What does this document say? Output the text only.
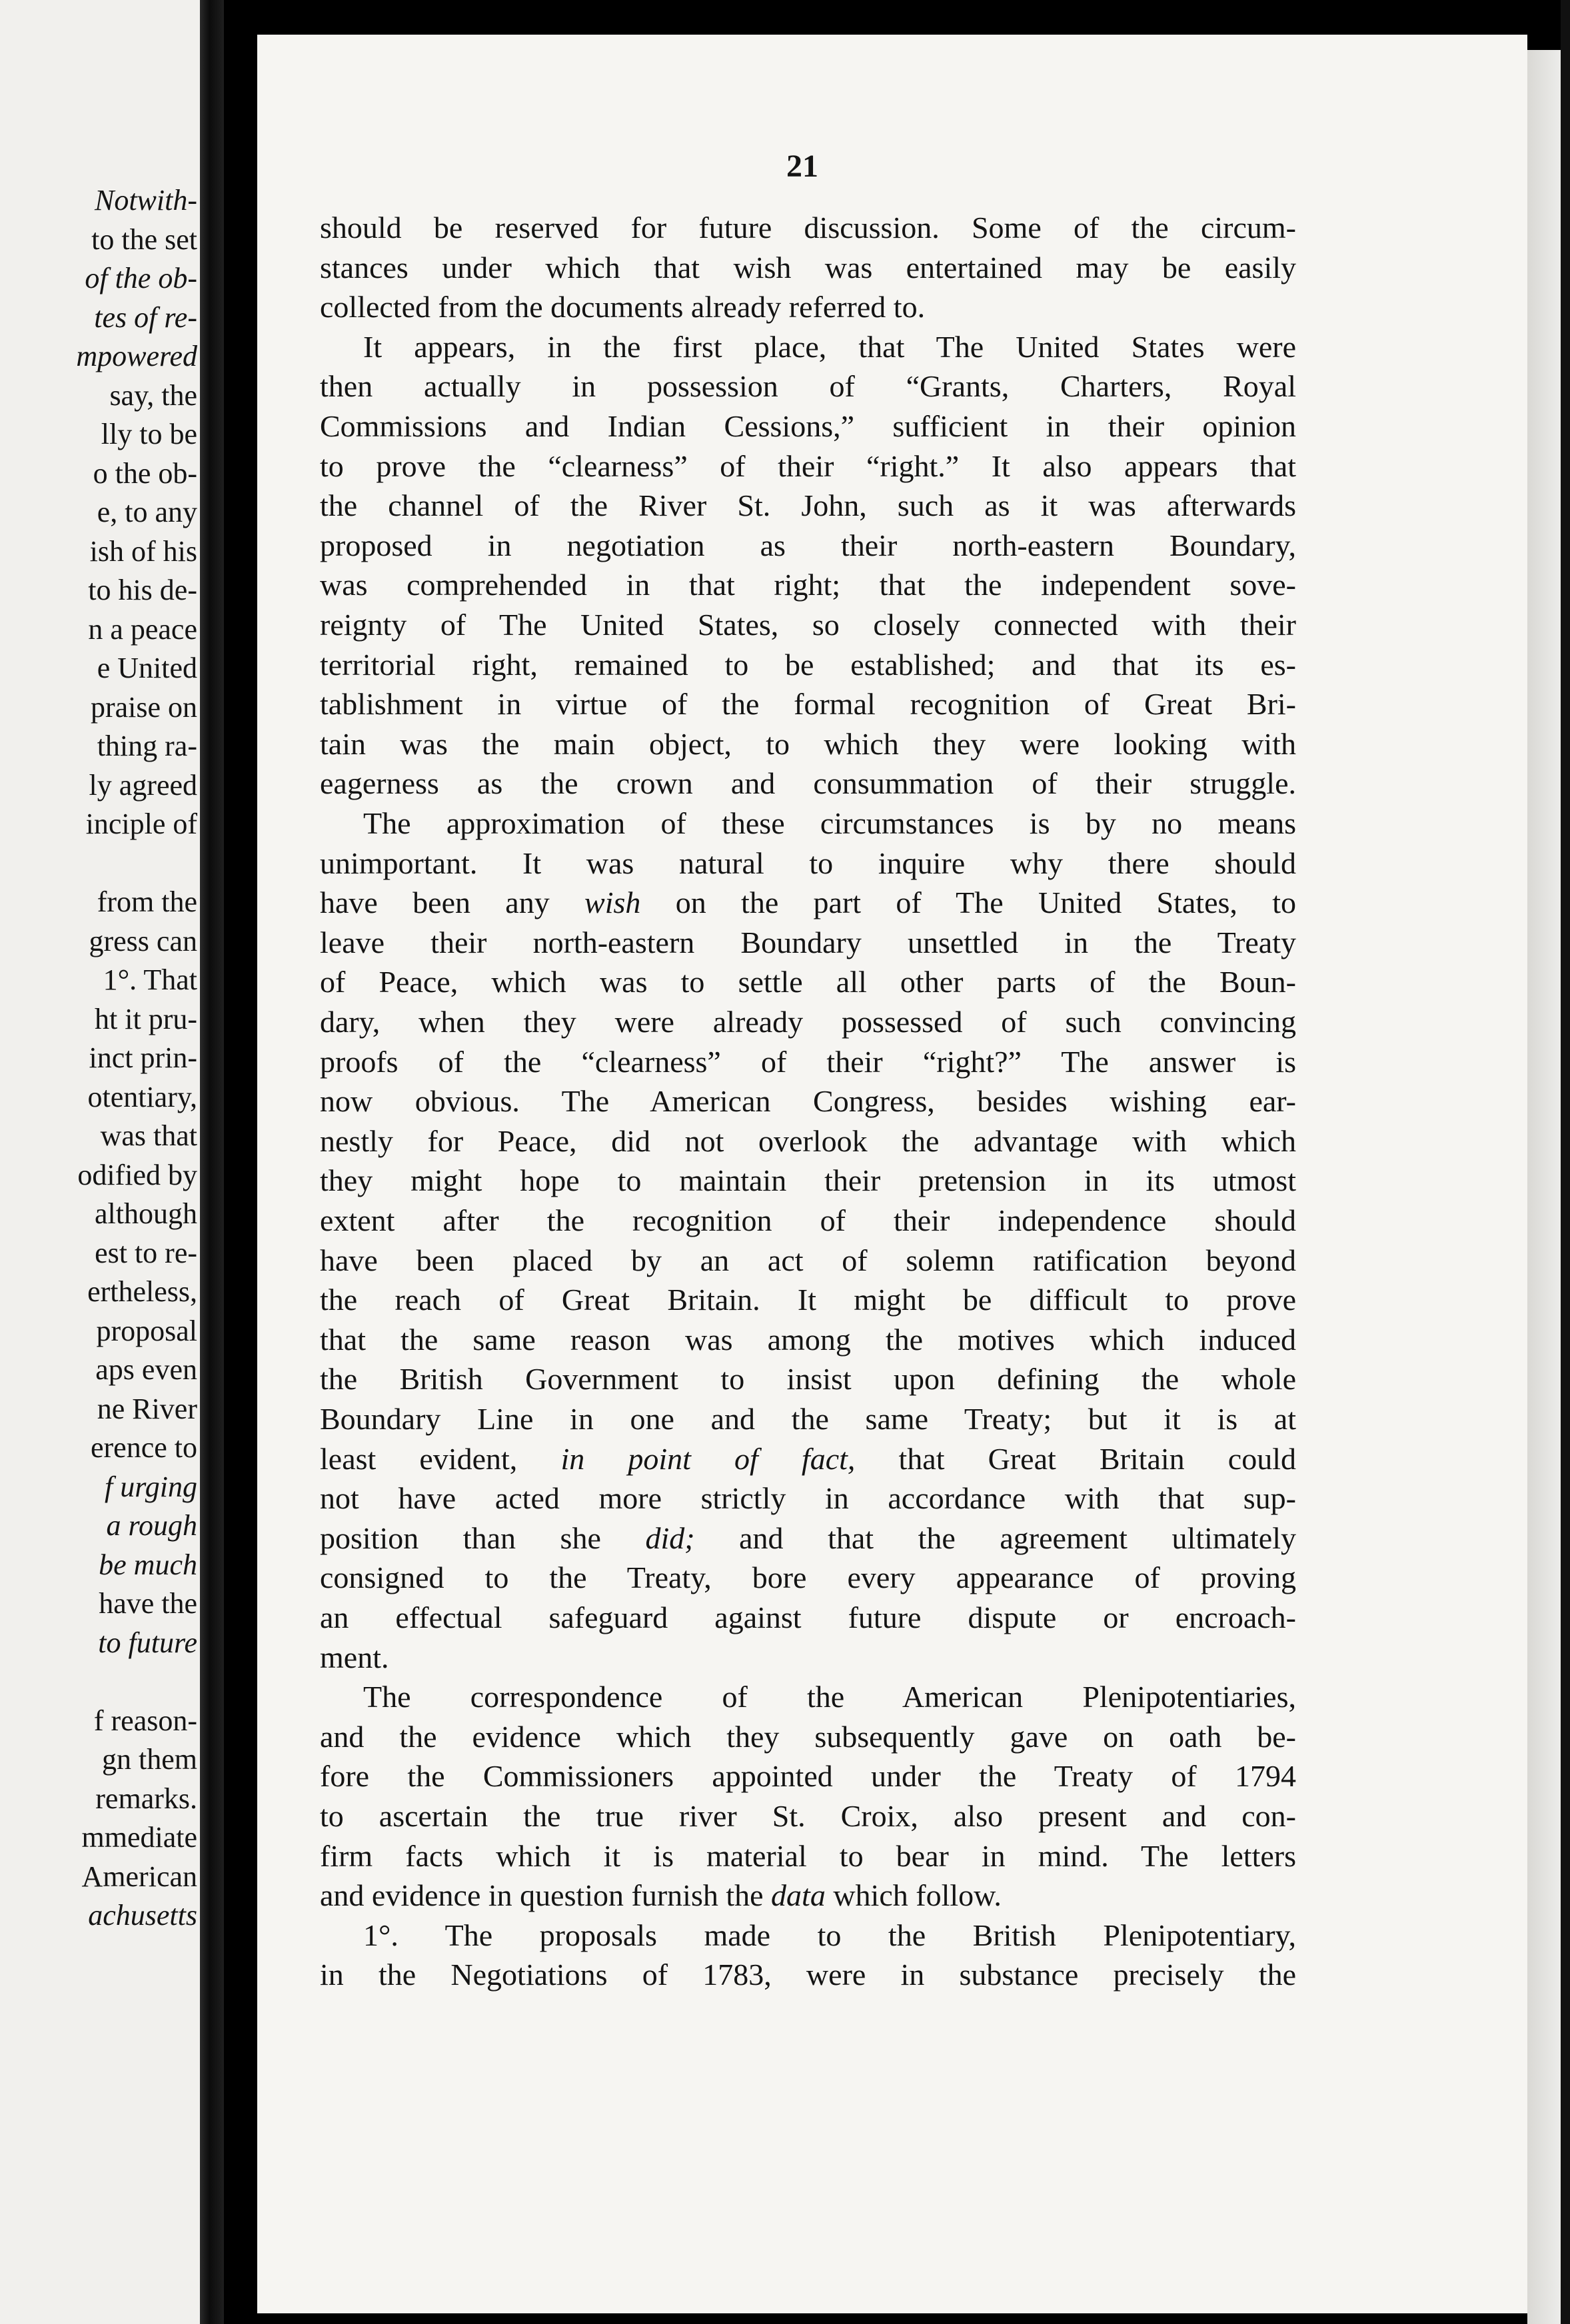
Notwith-
to the set
of the ob-
tes of re-
mpowered
say, the
lly to be
o the ob-
e, to any
ish of his
to his de-
n a peace
e United
praise on
thing ra-
ly agreed
inciple of
from the
gress can
1°. That
ht it pru-
inct prin-
otentiary,
was that
odified by
although
est to re-
ertheless,
proposal
aps even
ne River
erence to
f urging
a rough
be much
have the
to future
f reason-
gn them
remarks.
mmediate
American
achusetts
21
should be reserved for future discussion. Some of the circum-
stances under which that wish was entertained may be easily
collected from the documents already referred to.
It appears, in the first place, that The United States were
then actually in possession of “Grants, Charters, Royal
Commissions and Indian Cessions,” sufficient in their opinion
to prove the “clearness” of their “right.” It also appears that
the channel of the River St. John, such as it was afterwards
proposed in negotiation as their north-eastern Boundary,
was comprehended in that right; that the independent sove-
reignty of The United States, so closely connected with their
territorial right, remained to be established; and that its es-
tablishment in virtue of the formal recognition of Great Bri-
tain was the main object, to which they were looking with
eagerness as the crown and consummation of their struggle.
The approximation of these circumstances is by no means
unimportant. It was natural to inquire why there should
have been any wish on the part of The United States, to
leave their north-eastern Boundary unsettled in the Treaty
of Peace, which was to settle all other parts of the Boun-
dary, when they were already possessed of such convincing
proofs of the “clearness” of their “right?” The answer is
now obvious. The American Congress, besides wishing ear-
nestly for Peace, did not overlook the advantage with which
they might hope to maintain their pretension in its utmost
extent after the recognition of their independence should
have been placed by an act of solemn ratification beyond
the reach of Great Britain. It might be difficult to prove
that the same reason was among the motives which induced
the British Government to insist upon defining the whole
Boundary Line in one and the same Treaty; but it is at
least evident, in point of fact, that Great Britain could
not have acted more strictly in accordance with that sup-
position than she did; and that the agreement ultimately
consigned to the Treaty, bore every appearance of proving
an effectual safeguard against future dispute or encroach-
ment.
The correspondence of the American Plenipotentiaries,
and the evidence which they subsequently gave on oath be-
fore the Commissioners appointed under the Treaty of 1794
to ascertain the true river St. Croix, also present and con-
firm facts which it is material to bear in mind. The letters
and evidence in question furnish the data which follow.
1°. The proposals made to the British Plenipotentiary,
in the Negotiations of 1783, were in substance precisely the
